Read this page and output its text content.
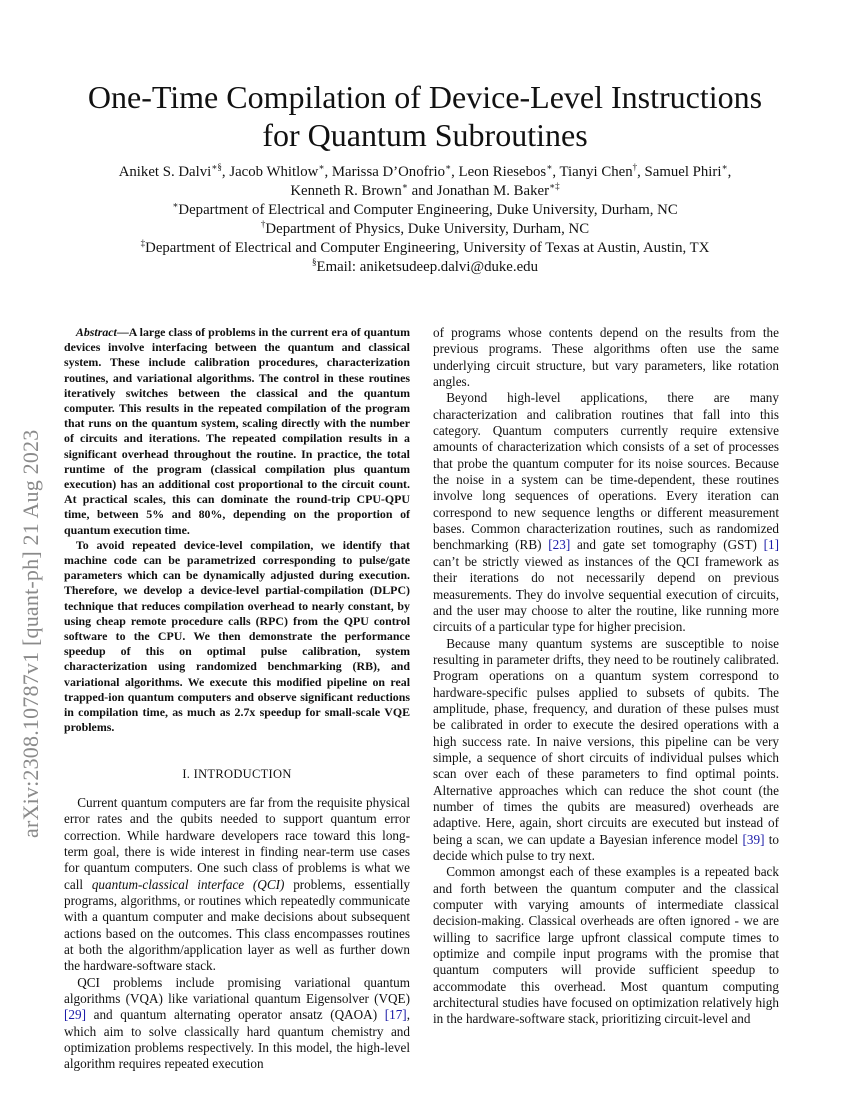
arXiv:2308.10787v1 [quant-ph] 21 Aug 2023
One-Time Compilation of Device-Level Instructions
for Quantum Subroutines
Aniket S. Dalvi∗§, Jacob Whitlow∗, Marissa D’Onofrio∗, Leon Riesebos∗, Tianyi Chen†, Samuel Phiri∗,
Kenneth R. Brown∗ and Jonathan M. Baker∗‡
∗Department of Electrical and Computer Engineering, Duke University, Durham, NC
†Department of Physics, Duke University, Durham, NC
‡Department of Electrical and Computer Engineering, University of Texas at Austin, Austin, TX
§Email: aniketsudeep.dalvi@duke.edu

Abstract—A large class of problems in the current era of quantum devices involve interfacing between the quantum and classical system. These include calibration procedures, characterization routines, and variational algorithms. The control in these routines iteratively switches between the classical and the quantum computer. This results in the repeated compilation of the program that runs on the quantum system, scaling directly with the number of circuits and iterations. The repeated compilation results in a significant overhead throughout the routine. In practice, the total runtime of the program (classical compilation plus quantum execution) has an additional cost proportional to the circuit count. At practical scales, this can dominate the round-trip CPU-QPU time, between 5% and 80%, depending on the proportion of quantum execution time.

To avoid repeated device-level compilation, we identify that machine code can be parametrized corresponding to pulse/gate parameters which can be dynamically adjusted during execution. Therefore, we develop a device-level partial-compilation (DLPC) technique that reduces compilation overhead to nearly constant, by using cheap remote procedure calls (RPC) from the QPU control software to the CPU. We then demonstrate the performance speedup of this on optimal pulse calibration, system characterization using randomized benchmarking (RB), and variational algorithms. We execute this modified pipeline on real trapped-ion quantum computers and observe significant reductions in compilation time, as much as 2.7x speedup for small-scale VQE problems.

I. INTRODUCTION

Current quantum computers are far from the requisite physical error rates and the qubits needed to support quantum error correction. While hardware developers race toward this long-term goal, there is wide interest in finding near-term use cases for quantum computers. One such class of problems is what we call quantum-classical interface (QCI) problems, essentially programs, algorithms, or routines which repeatedly communicate with a quantum computer and make decisions about subsequent actions based on the outcomes. This class encompasses routines at both the algorithm/application layer as well as further down the hardware-software stack.

QCI problems include promising variational quantum algorithms (VQA) like variational quantum Eigensolver (VQE) [29] and quantum alternating operator ansatz (QAOA) [17], which aim to solve classically hard quantum chemistry and optimization problems respectively. In this model, the high-level algorithm requires repeated execution

of programs whose contents depend on the results from the previous programs. These algorithms often use the same underlying circuit structure, but vary parameters, like rotation angles.

Beyond high-level applications, there are many characterization and calibration routines that fall into this category. Quantum computers currently require extensive amounts of characterization which consists of a set of processes that probe the quantum computer for its noise sources. Because the noise in a system can be time-dependent, these routines involve long sequences of operations. Every iteration can correspond to new sequence lengths or different measurement bases. Common characterization routines, such as randomized benchmarking (RB) [23] and gate set tomography (GST) [1] can’t be strictly viewed as instances of the QCI framework as their iterations do not necessarily depend on previous measurements. They do involve sequential execution of circuits, and the user may choose to alter the routine, like running more circuits of a particular type for higher precision.

Because many quantum systems are susceptible to noise resulting in parameter drifts, they need to be routinely calibrated. Program operations on a quantum system correspond to hardware-specific pulses applied to subsets of qubits. The amplitude, phase, frequency, and duration of these pulses must be calibrated in order to execute the desired operations with a high success rate. In naive versions, this pipeline can be very simple, a sequence of short circuits of individual pulses which scan over each of these parameters to find optimal points. Alternative approaches which can reduce the shot count (the number of times the qubits are measured) overheads are adaptive. Here, again, short circuits are executed but instead of being a scan, we can update a Bayesian inference model [39] to decide which pulse to try next.

Common amongst each of these examples is a repeated back and forth between the quantum computer and the classical computer with varying amounts of intermediate classical decision-making. Classical overheads are often ignored - we are willing to sacrifice large upfront classical compute times to optimize and compile input programs with the promise that quantum computers will provide sufficient speedup to accommodate this overhead. Most quantum computing architectural studies have focused on optimization relatively high in the hardware-software stack, prioritizing circuit-level and
